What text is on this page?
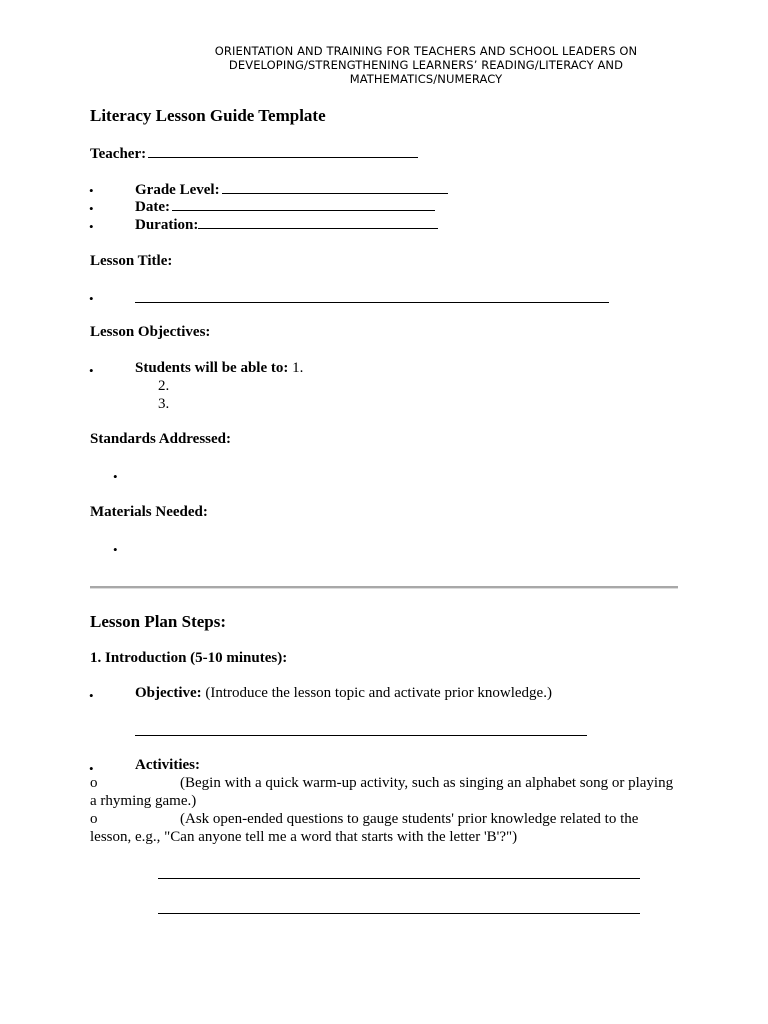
ORIENTATION AND TRAINING FOR TEACHERS AND SCHOOL LEADERS ON
DEVELOPING/STRENGTHENING LEARNERS’ READING/LITERACY AND
MATHEMATICS/NUMERACY
Literacy Lesson Guide Template
Teacher:
•	Grade Level:
•	Date:
•	Duration:
Lesson Title:
•
Lesson Objectives:
•	Students will be able to: 1.
2.
3.
Standards Addressed:
•
Materials Needed:
•
Lesson Plan Steps:
1. Introduction (5-10 minutes):
•	Objective: (Introduce the lesson topic and activate prior knowledge.)
•	Activities:
o	(Begin with a quick warm-up activity, such as singing an alphabet song or playing a rhyming game.)
o	(Ask open-ended questions to gauge students' prior knowledge related to the lesson, e.g., "Can anyone tell me a word that starts with the letter 'B'?")
